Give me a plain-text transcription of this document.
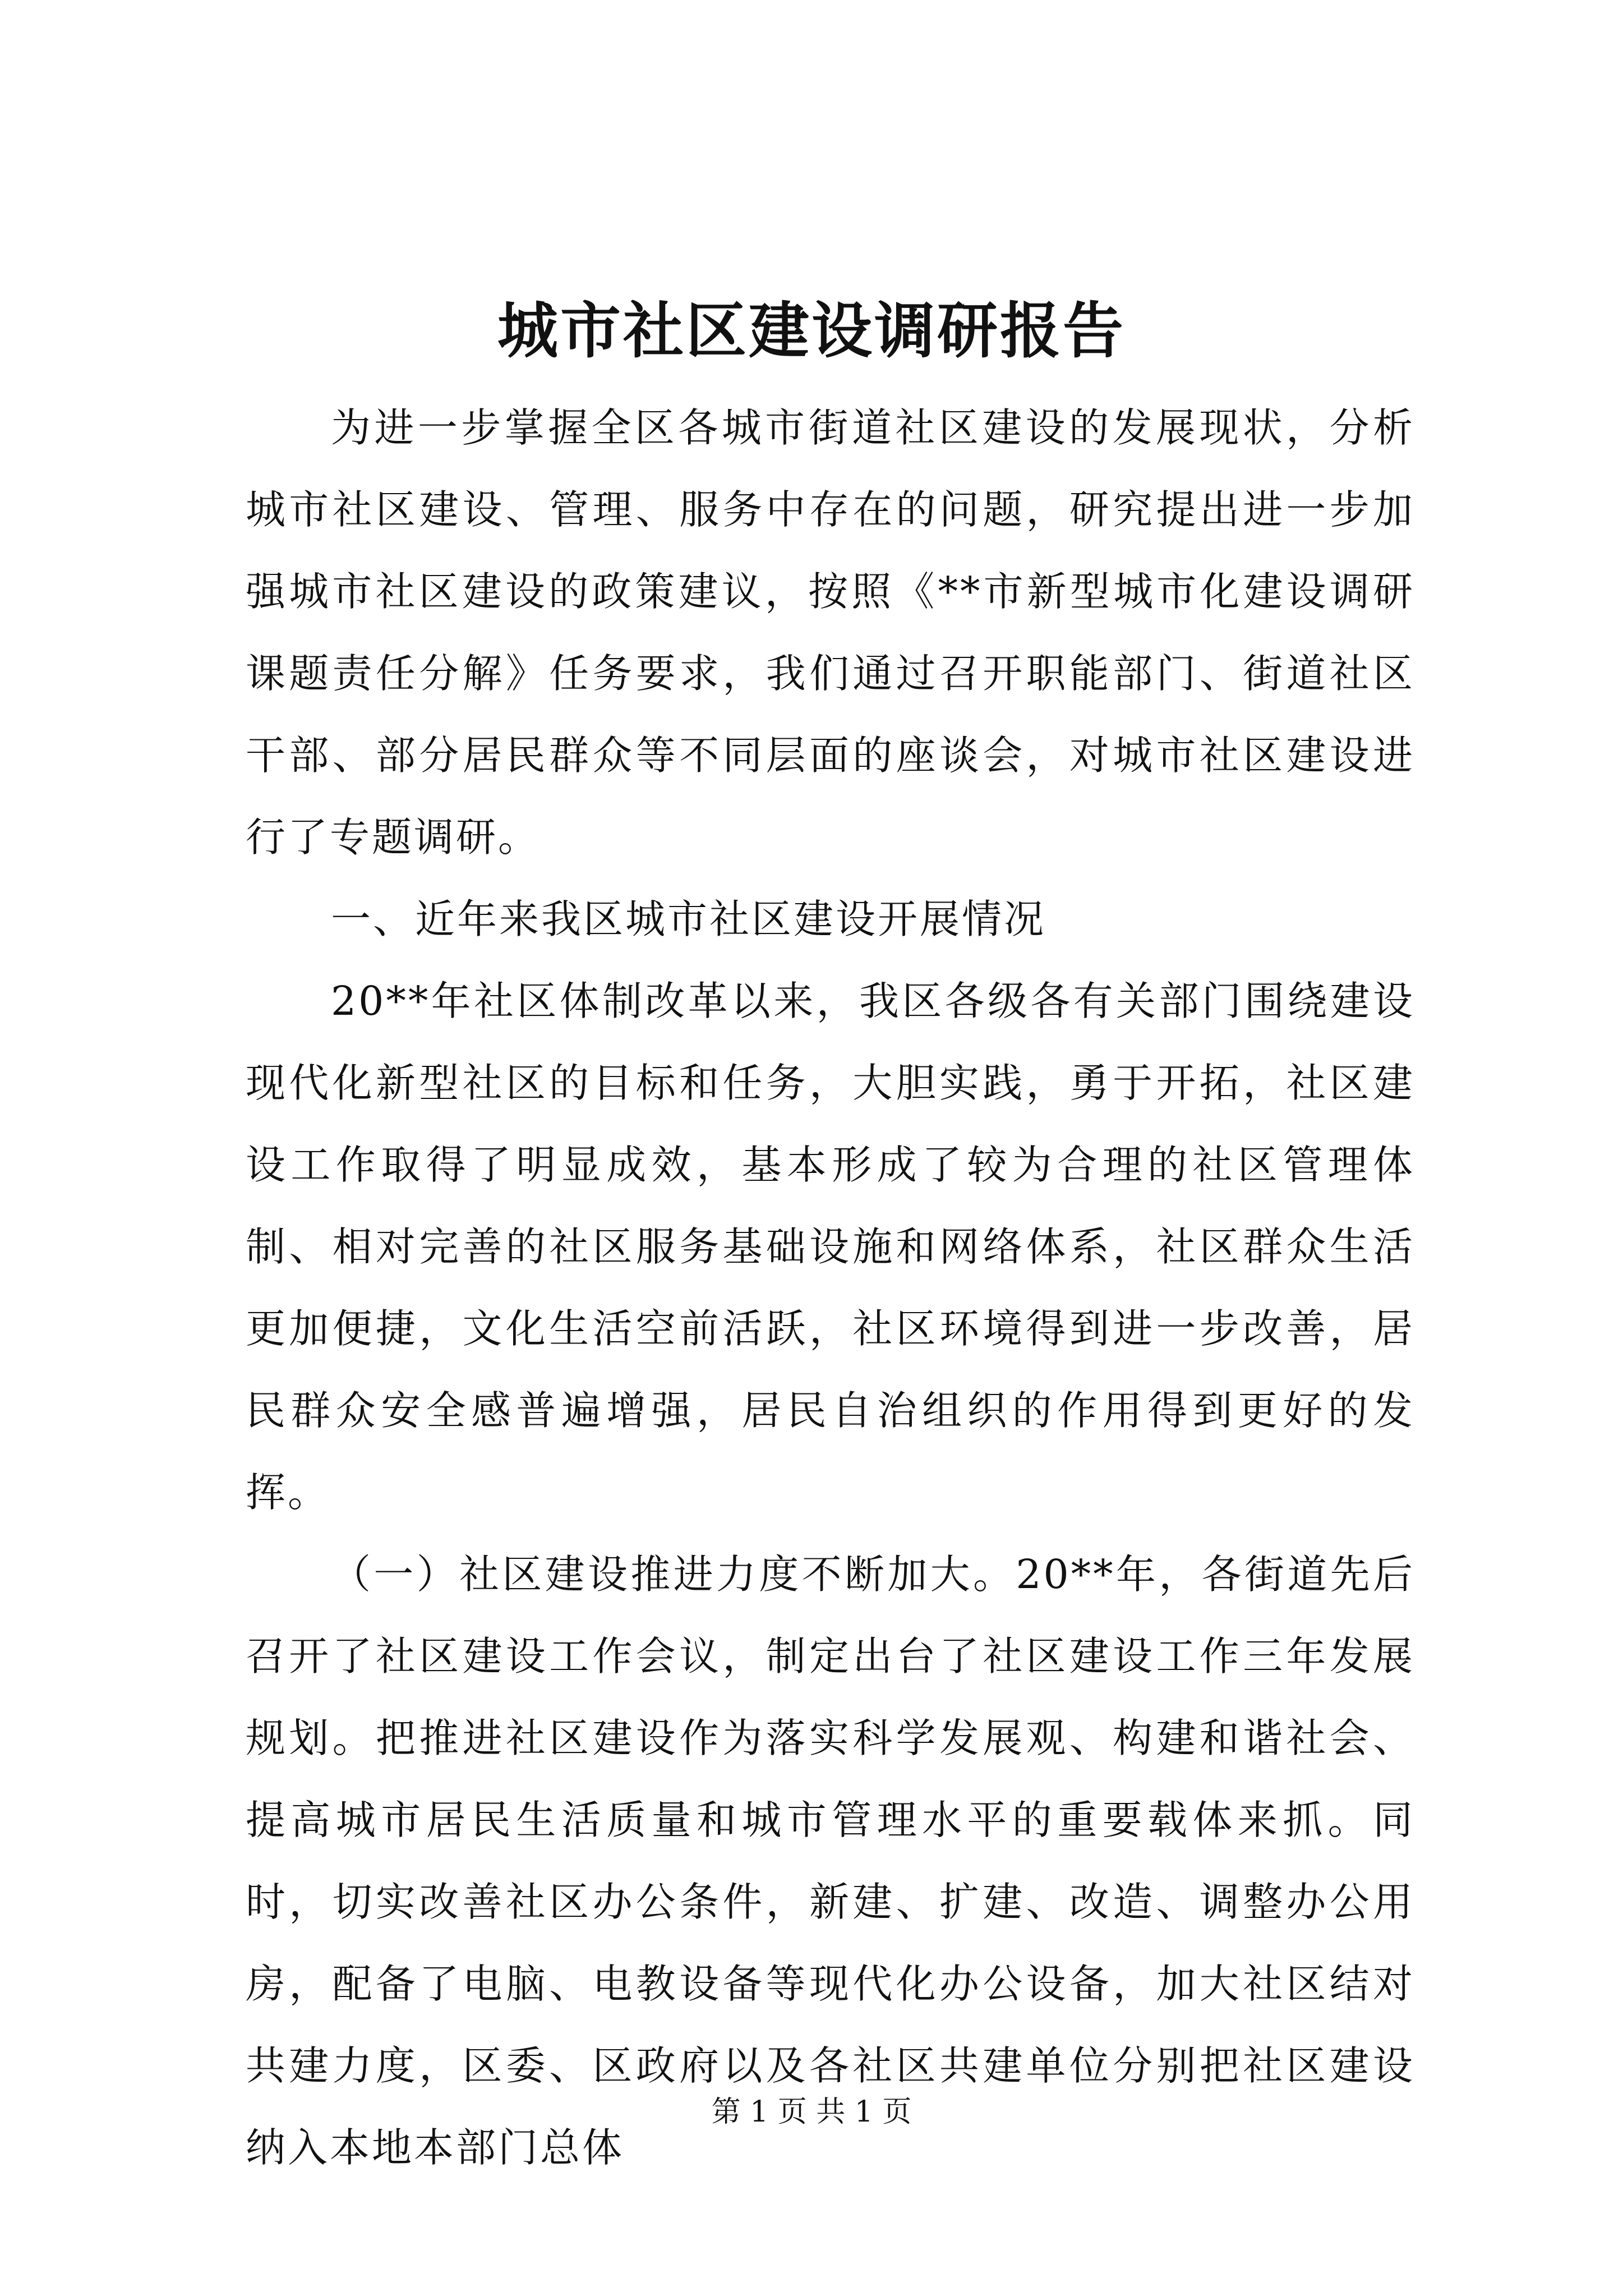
城市社区建设调研报告

为进一步掌握全区各城市街道社区建设的发展现状，分析城市社区建设、管理、服务中存在的问题，研究提出进一步加强城市社区建设的政策建议，按照《**市新型城市化建设调研课题责任分解》任务要求，我们通过召开职能部门、街道社区干部、部分居民群众等不同层面的座谈会，对城市社区建设进行了专题调研。

一、近年来我区城市社区建设开展情况

20**年社区体制改革以来，我区各级各有关部门围绕建设现代化新型社区的目标和任务，大胆实践，勇于开拓，社区建设工作取得了明显成效，基本形成了较为合理的社区管理体制、相对完善的社区服务基础设施和网络体系，社区群众生活更加便捷，文化生活空前活跃，社区环境得到进一步改善，居民群众安全感普遍增强，居民自治组织的作用得到更好的发挥。

（一）社区建设推进力度不断加大。20**年，各街道先后召开了社区建设工作会议，制定出台了社区建设工作三年发展规划。把推进社区建设作为落实科学发展观、构建和谐社会、提高城市居民生活质量和城市管理水平的重要载体来抓。同时，切实改善社区办公条件，新建、扩建、改造、调整办公用房，配备了电脑、电教设备等现代化办公设备，加大社区结对共建力度，区委、区政府以及各社区共建单位分别把社区建设纳入本地本部门总体

第 1 页 共 1 页
